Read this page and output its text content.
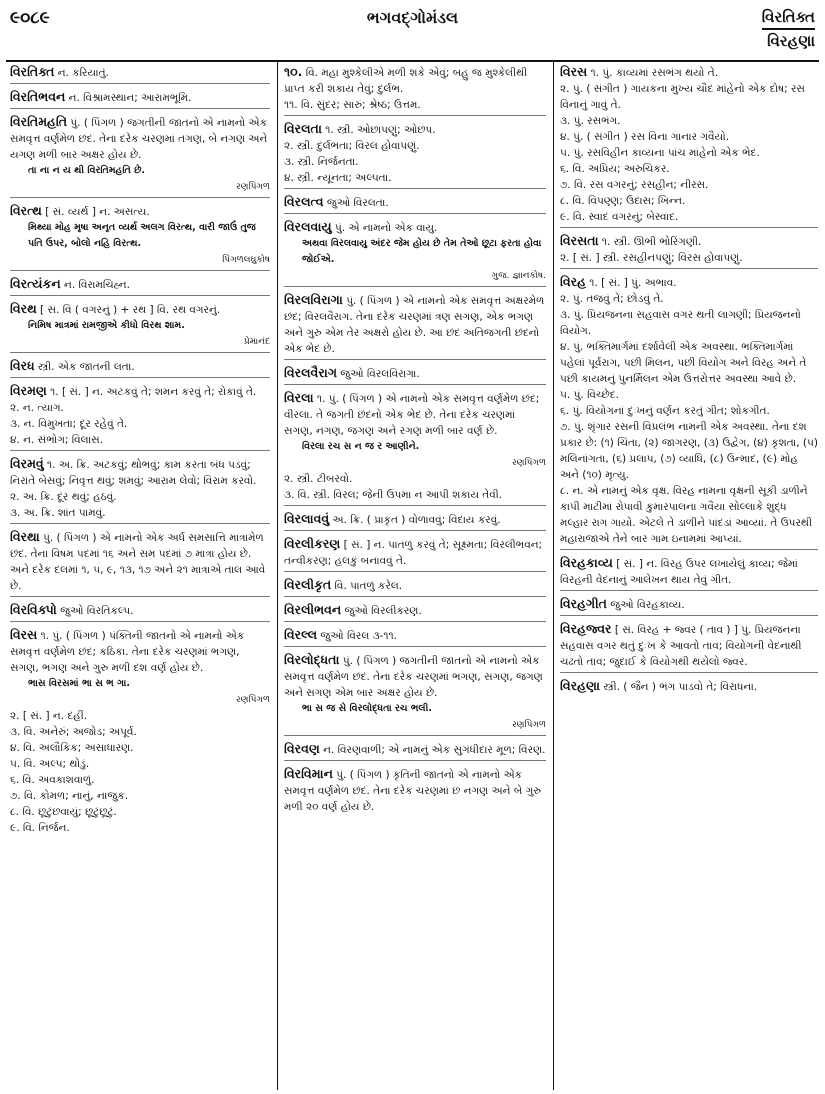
૯૦૮૯	ભગવદ્ગોમંડલ	વિરતિક્ત
વિરહણા
વિરતિક્ત ન. કરિયાતું.
વિરતિભવન ન. વિશ્રામસ્થાન; આરામભૂમિ.
વિરતિમહતિ પું. ( પિંગળ ) જગતીની જાતનો એ નામનો એક સમવૃત્ત વર્ણમેળ છંદ. તેના દરેક ચરણમાં તગણ, બે નગણ અને યગણ મળી બાર અક્ષર હોય છે.
તા ના ન ય થી વિરતિમહતિ છે.
રણપિંગળ
વિરત્થ [ સં. વ્યર્થ ] ન. અસત્ય.
મિથ્યા મોહ મૃષા અનૃત વ્યર્થ અલગ વિરત્થ, વારી જાઉં તુજ પતિ ઉપર, બોલો નહિ વિરત્થ.
પિંગળલઘુકોષ
વિરત્યંકન ન. વિરામચિહ્ન.
વિરથ [ સં. વિ ( વગરનું ) + રથ ] વિ. રથ વગરનું.
નિમિષ માત્રમાં રામજીએ કીધો વિરથ શામ.
પ્રેમાનંદ
વિરધ સ્ત્રી. એક જાતની લતા.
વિરમણ ૧. [ સં. ] ન. અટકવું તે; શમન કરવું તે; રોકાવું તે.
૨. ન. ત્યાગ.
૩. ન. વિમુખતા; દૂર રહેવું તે.
૪. ન. સંભોગ; વિલાસ.
વિરમવું ૧. અ. ક્રિ. અટકવું; થોભવું; કામ કરતા બંધ પડવું; નિરાંતે બેસવું; નિવૃત્ત થવું; શમવું; આરામ લેવો; વિરામ કરવો.
૨. અ. ક્રિ. દૂર થવું; હઠવું.
૩. અ. ક્રિ. શાંત પામવું.
વિરથા પું. ( પિંગળ ) એ નામનો એક અર્ધ સમસાત્તિ માત્રામેળ છંદ. તેના વિષમ પદમાં ૧૬ અને સમ પદમાં ૭ માત્રા હોય છે. અને દરેક દલમાં ૧, ૫, ૯, ૧૩, ૧૭ અને ૨૧ માત્રાએ તાલ આવે છે.
વિરવિક્પો જુઓ વિરતિકલ્પ.
વિરસ ૧. પું. ( પિંગળ ) પંક્તિની જાતનો એ નામનો એક સમવૃત્ત વર્ણમેળ છંદ; કઠિકા. તેના દરેક ચરણમાં ભગણ, સગણ, ભગણ અને ગુરુ મળી દશ વર્ણ હોય છે.
ભાસ વિરસમાં ભા સ ભ ગા.
રણપિંગળ
૨. [ સં. ] ન. દહીં.
૩. વિ. અનેરું; અજોડ; અપૂર્વ.
૪. વિ. અલૌકિક; અસાધારણ.
૫. વિ. અલ્પ; થોડું.
૬. વિ. અવકાશવાળું.
૭. વિ. કોમળ; નાનું, નાજુક.
૮. વિ. છૂટુંછવાયું; છૂટુંછૂટું.
૯. વિ. નિર્જન.
૧૦. વિ. મહા મુશ્કેલીએ મળી શકે એવું; બહુ જ મુશ્કેલીથી પ્રાપ્ત કરી શકાય તેવું; દુર્લભ.
૧૧. વિ. સુંદર; સારું; શ્રેષ્ઠ; ઉત્તમ.
વિરલતા ૧. સ્ત્રી. ઓછાપણું; ઓછપ.
૨. સ્ત્રી. દુર્લભતા; વિરલ હોવાપણું.
૩. સ્ત્રી. નિર્જનતા.
૪. સ્ત્રી. ન્યૂનતા; અલ્પતા.
વિરલત્વ જુઓ વિરલતા.
વિરલવાયુ પું. એ નામનો એક વાયુ.
અથવા વિરલવાયુ અંદર જેમ હોય છે તેમ તેઓ છૂટા ફરતા હોવા જોઈએ.
ગુજ. જ્ઞાનકોષ.
વિરલવિરાગા પું. ( પિંગળ ) એ નામનો એક સમવૃત્ત અક્ષરમેળ છંદ; વિરલવૈરાગ. તેના દરેક ચરણમાં ત્રણ સગણ, એક ભગણ અને ગુરુ એમ તેર અક્ષરો હોય છે. આ છંદ અતિજગતી છંદનો એક ભેદ છે.
વિરલવૈરાગ જુઓ વિરલવિરાગા.
વિરલા ૧. પું. ( પિંગળ ) એ નામનો એક સમવૃત્ત વર્ણમેળ છંદ; વીરલા. તે જગતી છંદનો એક ભેદ છે. તેના દરેક ચરણમાં સગણ, નગણ, જગણ અને રગણ મળી બાર વર્ણ છે.
વિરલા રચ સ ન જ ર આણીને.
રણપિંગળ
૨. સ્ત્રી. ટીબરવો.
૩. વિ. સ્ત્રી. વિરલ; જેની ઉપમા ન આપી શકાય તેવી.
વિરલાવવું અ. ક્રિ. ( પ્રાકૃત ) વોળાવવું; વિદાય કરવું.
વિરલીકરણ [ સં. ] ન. પાતળું કરવું તે; સૂક્ષ્મતા; વિરલીભવન; તન્વીકરણ; હલકું બનાવવું તે.
વિરલીકૃત વિ. પાતળું કરેલ.
વિરલીભવન જુઓ વિરલીકરણ.
વિરલ્લ જુઓ વિરલ ૩-૧૧.
વિરલોદ્ધતા પું. ( પિંગળ ) જગતીની જાતનો એ નામનો એક સમવૃત્ત વર્ણમેળ છંદ. તેના દરેક ચરણમાં ભગણ, સગણ, જગણ અને સગણ એમ બાર અક્ષર હોય છે.
ભા સ જ સે વિરલોદ્ધતા રચ ભલી.
રણપિંગળ
વિરવણ ન. વિરણવાળી; એ નામનું એક સુગંધીદાર મૂળ; વિરણ.
વિરવિમાન પું. ( પિંગળ ) કૃતિની જાતનો એ નામનો એક સમવૃત્ત વર્ણમેળ છંદ. તેના દરેક ચરણમાં છ નગણ અને બે ગુરુ મળી ૨૦ વર્ણ હોય છે.
વિરસ ૧. પું. કાવ્યમાં રસભંગ થયો તે.
૨. પું. ( સંગીત ) ગાયકના મુખ્ય ચૌદ માંહેનો એક દોષ; રસ વિનાનું ગાવું તે.
૩. પું. રસભંગ.
૪. પું. ( સંગીત ) રસ વિના ગાનાર ગવૈયો.
૫. પું. રસવિહીન કાવ્યના પાંચ માંહેનો એક ભેદ.
૬. વિ. અપ્રિય; અરુચિકર.
૭. વિ. રસ વગરનું; રસહીન; નીરસ.
૮. વિ. વિપણ્ણ; ઉદાસ; ખિન્ન.
૯. વિ. સ્વાદ વગરનું; બેસ્વાદ.
વિરસતા ૧. સ્ત્રી. ઊભી ભોરિંગણી.
૨. [ સં. ] સ્ત્રી. રસહીનપણું; વિરસ હોવાપણું.
વિરહ ૧. [ સં. ] પું. અભાવ.
૨. પું. તજવું તે; છોડવું તે.
૩. પું. પ્રિયજનના સહવાસ વગર થતી લાગણી; પ્રિયજનનો વિયોગ.
૪. પું. ભક્તિમાર્ગમાં દર્શાવેલી એક અવસ્થા. ભક્તિમાર્ગમાં પહેલાં પૂર્વરાગ, પછી મિલન, પછી વિયોગ અને વિરહ અને તે પછી કાયમનું પુનર્મિલન એમ ઉત્તરોત્તર અવસ્થા આવે છે.
૫. પું. વિચ્છેદ.
૬. પું. વિયોગનાં દુઃખનું વર્ણન કરતું ગીત; શોકગીત.
૭. પું. શૃંગાર રસની વિપ્રલંભ નામની એક અવસ્થા. તેના દશ પ્રકાર છે: (૧) ચિંતા, (૨) જાગરણ, (૩) ઉદ્વેગ, (૪) કૃશતા, (૫) મલિનાંગતા, (૬) પ્રલાપ, (૭) વ્યાધિ, (૮) ઉન્માદ, (૯) મોહ અને (૧૦) મૃત્યુ.
૮. ન. એ નામનું એક વૃક્ષ. વિરહ નામના વૃક્ષની સૂકી ડાળીને કાપી માટીમાં રોપાવી કુમારપાલના ગવૈયા સોલ્લાકે શુદ્ધ મલ્હાર રાગ ગાયો. એટલે તે ડાળીને પાંદડાં આવ્યાં. તે ઉપરથી મહારાજાએ તેને બાર ગામ ઇનામમાં આપ્યાં.
વિરહકાવ્ય [ સં. ] ન. વિરહ ઉપર લખાયેલું કાવ્ય; જેમાં વિરહની વેદનાનું આલેખન થાય તેવું ગીત.
વિરહગીત જુઓ વિરહકાવ્ય.
વિરહજ્વર [ સં. વિરહ + જ્વર ( તાવ ) ] પું. પ્રિયજનના સહવાસ વગર થતું દુઃખ કે આવતો તાવ; વિયોગની વેદનાથી ચઢતો તાવ; જુદાઈ કે વિયોગથી થયેલો જ્વર.
વિરહણા સ્ત્રી. ( જૈન ) ભંગ પાડવો તે; વિરાધના.
